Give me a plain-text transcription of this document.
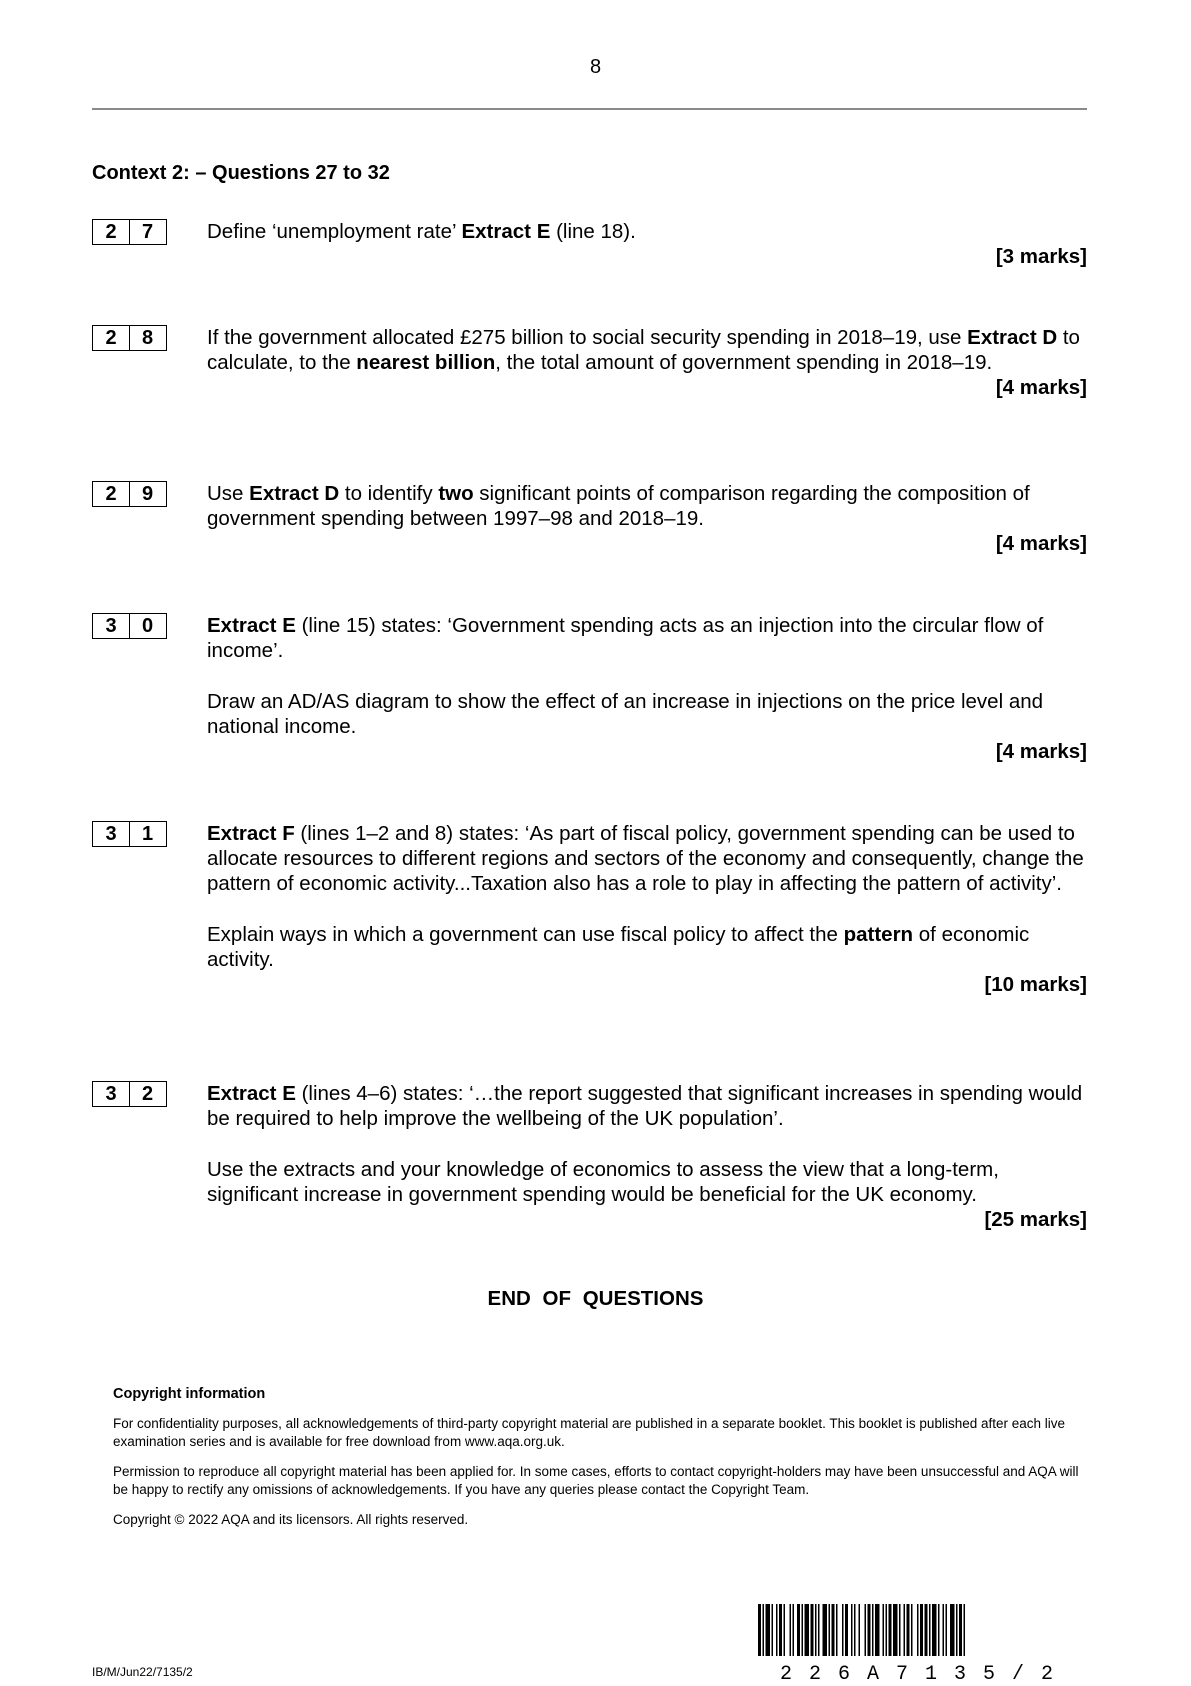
8
Context 2: – Questions 27 to 32
2	7	Define ‘unemployment rate’ Extract E (line 18).

[3 marks]
2	8	If the government allocated £275 billion to social security spending in 2018–19, use Extract D to calculate, to the nearest billion, the total amount of government spending in 2018–19.

[4 marks]
2	9	Use Extract D to identify two significant points of comparison regarding the composition of government spending between 1997–98 and 2018–19.

[4 marks]
3	0	Extract E (line 15) states: ‘Government spending acts as an injection into the circular flow of income’.

Draw an AD/AS diagram to show the effect of an increase in injections on the price level and national income.

[4 marks]
3	1	Extract F (lines 1–2 and 8) states: ‘As part of fiscal policy, government spending can be used to allocate resources to different regions and sectors of the economy and consequently, change the pattern of economic activity...Taxation also has a role to play in affecting the pattern of activity’.

Explain ways in which a government can use fiscal policy to affect the pattern of economic activity.

[10 marks]
3	2	Extract E (lines 4–6) states: ‘…the report suggested that significant increases in spending would be required to help improve the wellbeing of the UK population’.

Use the extracts and your knowledge of economics to assess the view that a long-term, significant increase in government spending would be beneficial for the UK economy.

[25 marks]
END OF QUESTIONS
Copyright information

For confidentiality purposes, all acknowledgements of third-party copyright material are published in a separate booklet. This booklet is published after each live examination series and is available for free download from www.aqa.org.uk.

Permission to reproduce all copyright material has been applied for. In some cases, efforts to contact copyright-holders may have been unsuccessful and AQA will be happy to rectify any omissions of acknowledgements. If you have any queries please contact the Copyright Team.

Copyright © 2022 AQA and its licensors. All rights reserved.

IB/M/Jun22/7135/2	226A7135/2
